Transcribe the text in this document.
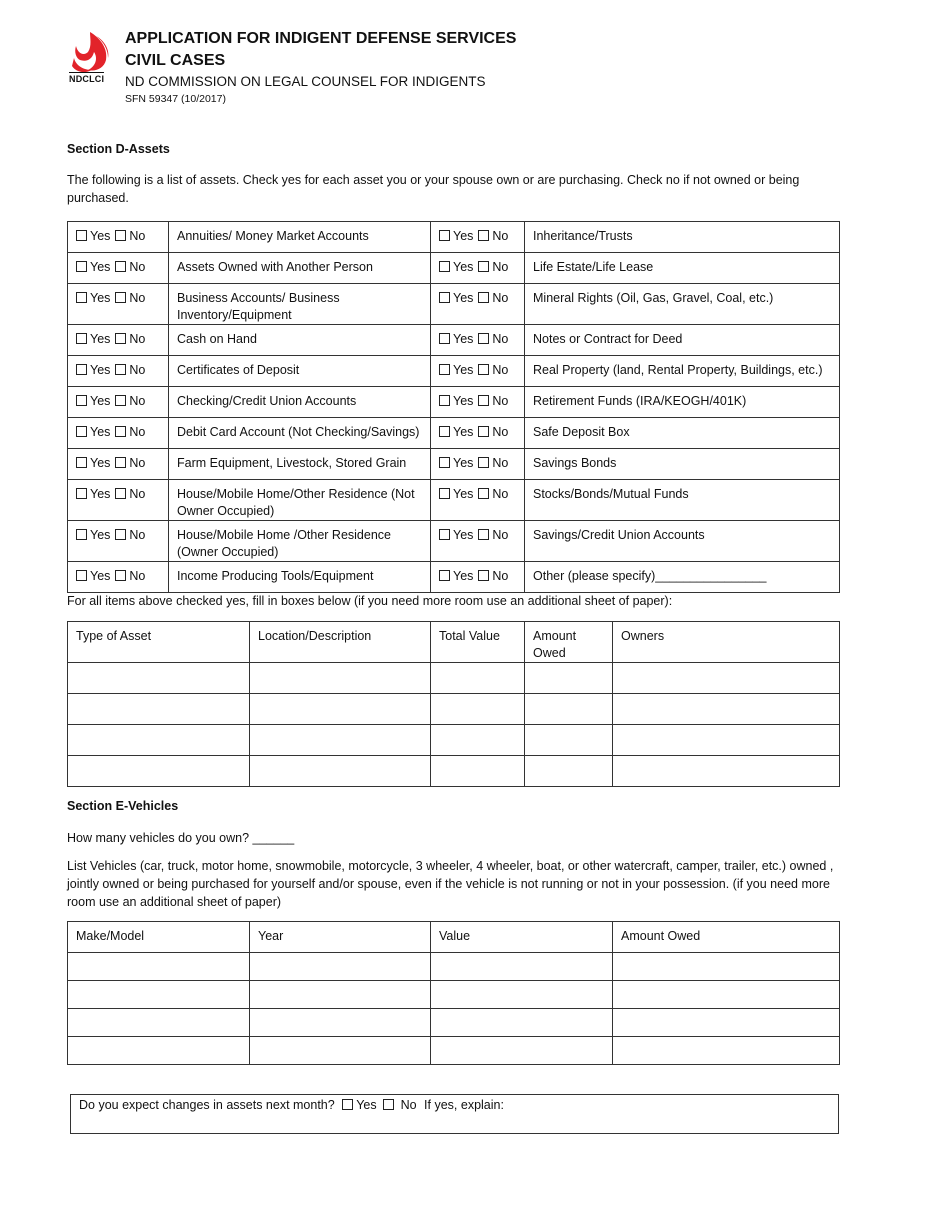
NDCLCI
APPLICATION FOR INDIGENT DEFENSE SERVICES
CIVIL CASES
ND COMMISSION ON LEGAL COUNSEL FOR INDIGENTS
SFN 59347 (10/2017)
Section D-Assets
The following is a list of assets. Check yes for each asset you or your spouse own or are purchasing. Check no if not owned or being purchased.
Yes No	Annuities/ Money Market Accounts	Yes No	Inheritance/Trusts
Yes No	Assets Owned with Another Person	Yes No	Life Estate/Life Lease
Yes No	Business Accounts/ Business Inventory/Equipment	Yes No	Mineral Rights (Oil, Gas, Gravel, Coal, etc.)
Yes No	Cash on Hand	Yes No	Notes or Contract for Deed
Yes No	Certificates of Deposit	Yes No	Real Property (land, Rental Property, Buildings, etc.)
Yes No	Checking/Credit Union Accounts	Yes No	Retirement Funds (IRA/KEOGH/401K)
Yes No	Debit Card Account (Not Checking/Savings)	Yes No	Safe Deposit Box
Yes No	Farm Equipment, Livestock, Stored Grain	Yes No	Savings Bonds
Yes No	House/Mobile Home/Other Residence (Not Owner Occupied)	Yes No	Stocks/Bonds/Mutual Funds
Yes No	House/Mobile Home /Other Residence (Owner Occupied)	Yes No	Savings/Credit Union Accounts
Yes No	Income Producing Tools/Equipment	Yes No	Other (please specify)________________
For all items above checked yes, fill in boxes below (if you need more room use an additional sheet of paper):
Type of Asset	Location/Description	Total Value	Amount Owed	Owners

Section E-Vehicles
How many vehicles do you own? ______
List Vehicles (car, truck, motor home, snowmobile, motorcycle, 3 wheeler, 4 wheeler, boat, or other watercraft, camper, trailer, etc.) owned , jointly owned or being purchased for yourself and/or spouse, even if the vehicle is not running or not in your possession. (if you need more room use an additional sheet of paper)
Make/Model	Year	Value	Amount Owed

Do you expect changes in assets next month? Yes No If yes, explain:
